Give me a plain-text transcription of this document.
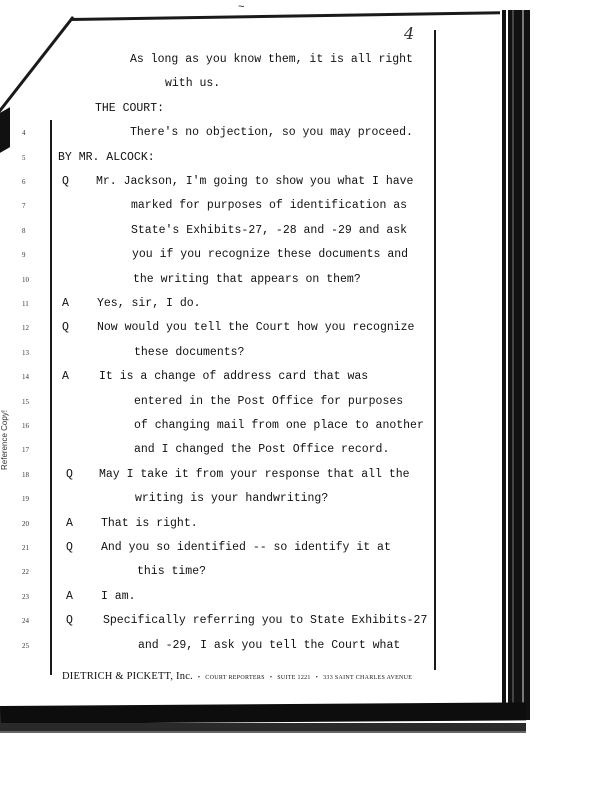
~
4
Reference Copy!
As long as you know them, it is all right
with us.
THE COURT:
4	There's no objection, so you may proceed.
5	BY MR. ALCOCK:
6	Q Mr. Jackson, I'm going to show you what I have
7	marked for purposes of identification as
8	State's Exhibits-27, -28 and -29 and ask
9	you if you recognize these documents and
10	the writing that appears on them?
11	A Yes, sir, I do.
12	Q Now would you tell the Court how you recognize
13	these documents?
14	A	It is a change of address card that was
15	entered in the Post Office for purposes
16	of changing mail from one place to another
17	and I changed the Post Office record.
18	Q May I take it from your response that all the
19	writing is your handwriting?
20	A That is right.
21	Q And you so identified -- so identify it at
22	this time?
23	A I am.
24	Q	Specifically referring you to State Exhibits-27
25	and -29, I ask you tell the Court what
DIETRICH & PICKETT, Inc. • COURT REPORTERS • SUITE 1221 • 333 SAINT CHARLES AVENUE
